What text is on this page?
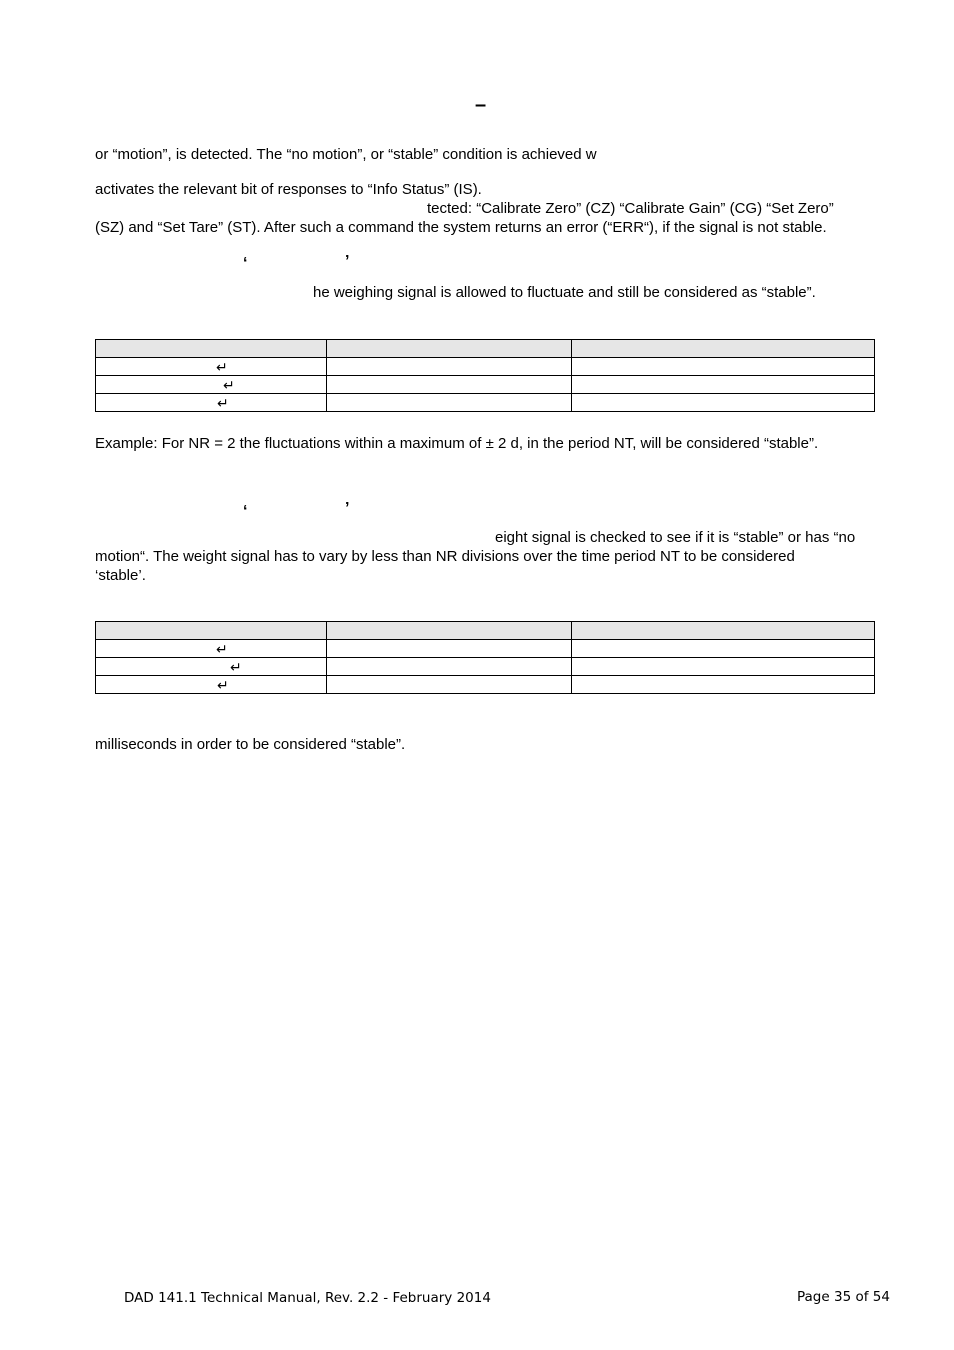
–
or “motion”, is detected. The “no motion”, or “stable” condition is achieved w
activates the relevant bit of responses to “Info Status” (IS).
tected: “Calibrate Zero” (CZ) “Calibrate Gain” (CG) “Set Zero”
(SZ) and “Set Tare” (ST). After such a command the system returns an error (“ERR“), if the signal is not stable.
‘	’
he weighing signal is allowed to fluctuate and still be considered as “stable”.

↵		
↵		
↵		
Example: For NR = 2 the fluctuations within a maximum of ± 2 d, in the period NT, will be considered “stable”.
‘	’
eight signal is checked to see if it is “stable” or has “no
motion“. The weight signal has to vary by less than NR divisions over the time period NT to be considered
‘stable’.

↵		
↵		
↵		
milliseconds in order to be considered “stable”.
DAD 141.1 Technical Manual, Rev. 2.2 - February 2014	Page 35 of 54
